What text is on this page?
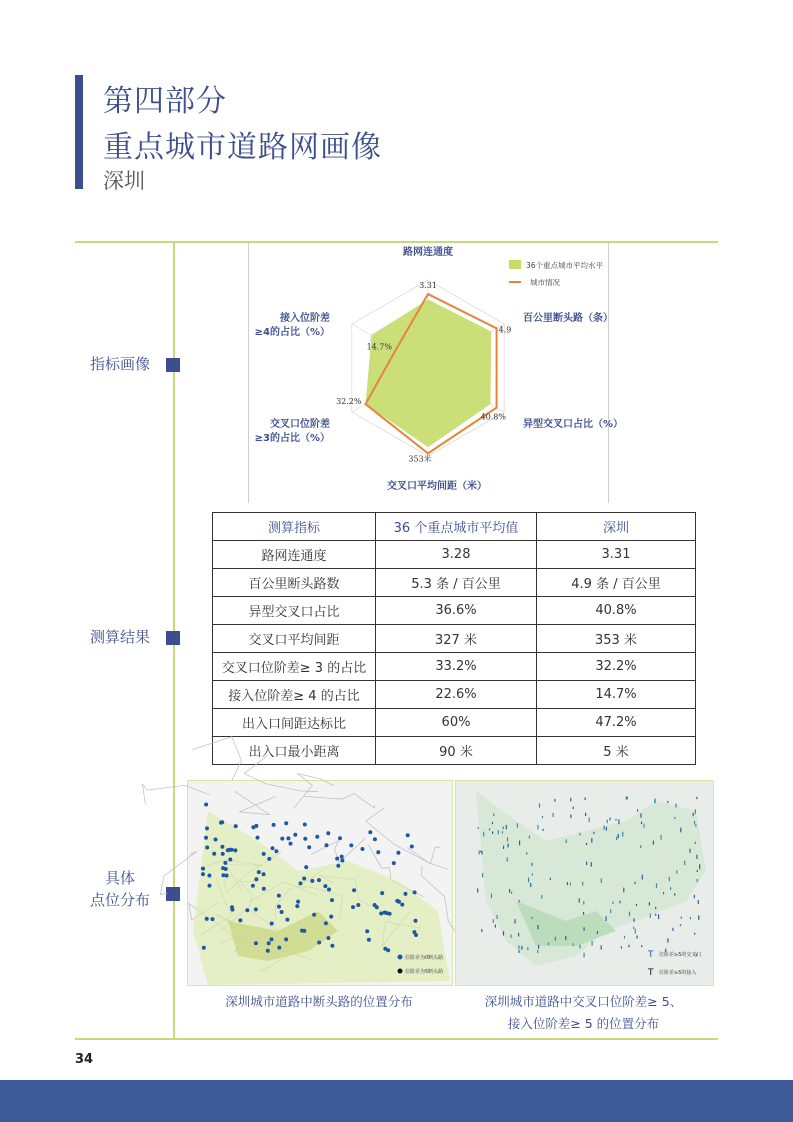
第四部分
重点城市道路网画像
深圳
指标画像
测算结果
具体
点位分布
路网连通度
百公里断头路（条）
异型交叉口占比（%）
交叉口平均间距（米）
交叉口位阶差
≥3的占比（%）
接入位阶差
≥4的占比（%）
3.31
4.9
40.8%
353米
32.2%
14.7%
36个重点城市平均水平
城市情况
测算指标	36 个重点城市平均值	深圳
路网连通度	3.28	3.31
百公里断头路数	5.3 条 / 百公里	4.9 条 / 百公里
异型交叉口占比	36.6%	40.8%
交叉口平均间距	327 米	353 米
交叉口位阶差≥ 3 的占比	33.2%	32.2%
接入位阶差≥ 4 的占比	22.6%	14.7%
出入口间距达标比	60%	47.2%
出入口最小距离	90 米	5 米
位阶差为0断头路
位阶差为5断头路
T 位阶差≥5的交叉口
T 位阶差≥5的接入
深圳城市道路中断头路的位置分布	深圳城市道路中交叉口位阶差≥ 5、
接入位阶差≥ 5 的位置分布
34
